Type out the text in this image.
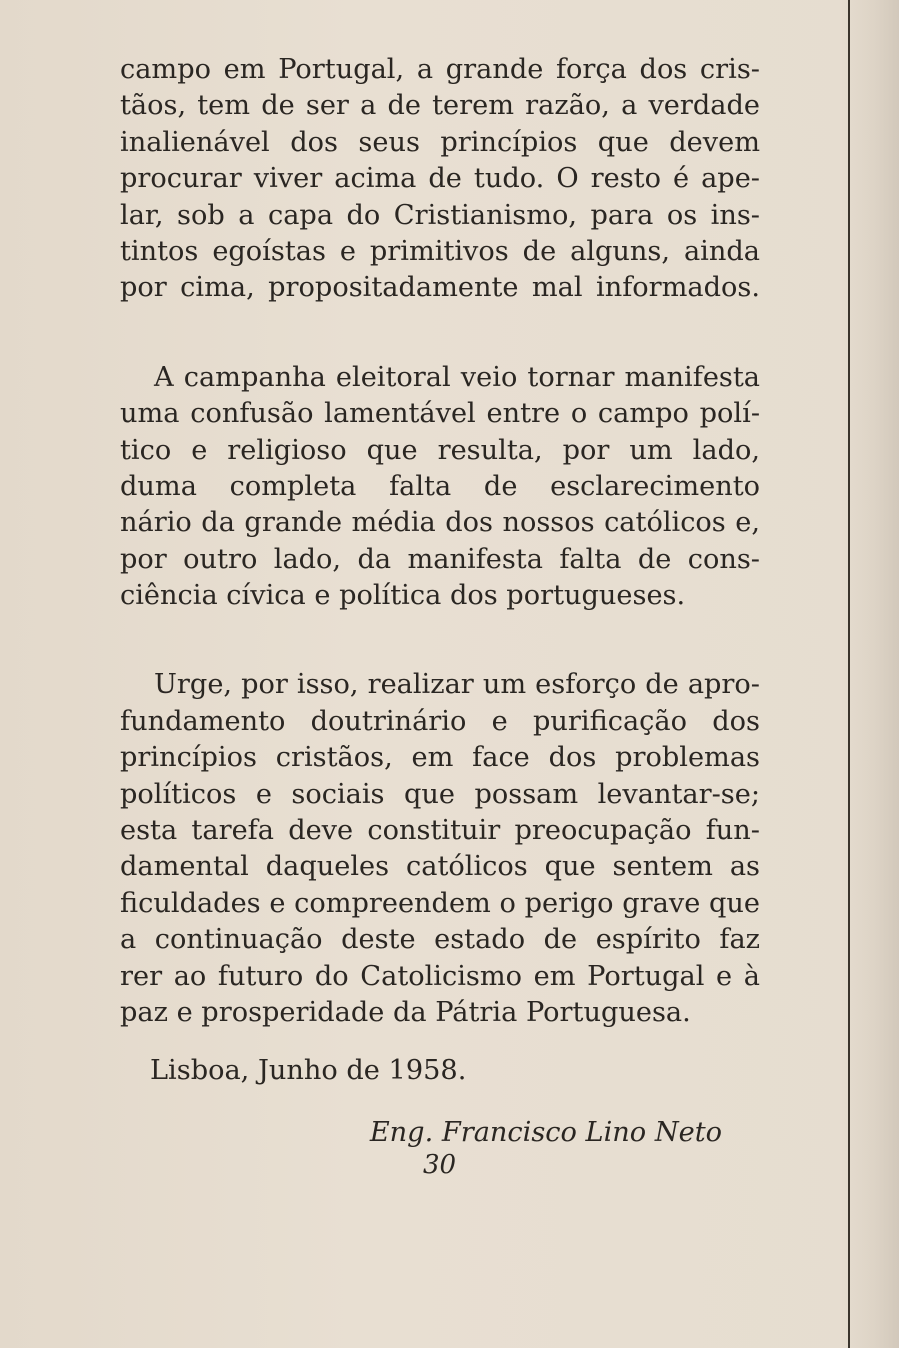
campo em Portugal, a grande força dos cris-
tãos, tem de ser a de terem razão, a verdade
inalienável dos seus princípios que devem
procurar viver acima de tudo. O resto é ape-
lar, sob a capa do Cristianismo, para os ins-
tintos egoístas e primitivos de alguns, ainda
por cima, propositadamente mal informados.
A campanha eleitoral veio tornar manifesta
uma confusão lamentável entre o campo polí-
tico e religioso que resulta, por um lado,
duma completa falta de esclarecimento
nário da grande média dos nossos católicos e,
por outro lado, da manifesta falta de cons-
ciência cívica e política dos portugueses.
Urge, por isso, realizar um esforço de apro-
fundamento doutrinário e purificação dos
princípios cristãos, em face dos problemas
políticos e sociais que possam levantar-se;
esta tarefa deve constituir preocupação fun-
damental daqueles católicos que sentem as
ficuldades e compreendem o perigo grave que
a continuação deste estado de espírito faz
rer ao futuro do Catolicismo em Portugal e à
paz e prosperidade da Pátria Portuguesa.
Lisboa, Junho de 1958.
Eng. Francisco Lino Neto
30
